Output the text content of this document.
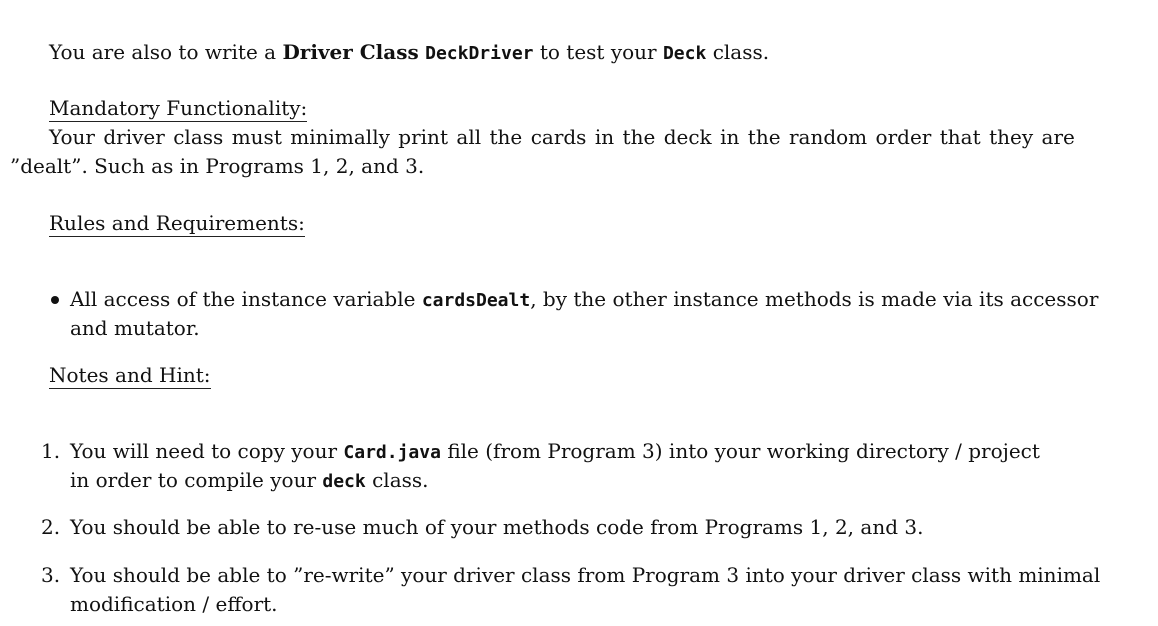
You are also to write a Driver Class DeckDriver to test your Deck class.
Mandatory Functionality:
Your driver class must minimally print all the cards in the deck in the random order that they are
”dealt”. Such as in Programs 1, 2, and 3.
Rules and Requirements:
All access of the instance variable cardsDealt, by the other instance methods is made via its accessor
and mutator.
Notes and Hint:
1. You will need to copy your Card.java file (from Program 3) into your working directory / project
in order to compile your deck class.
2. You should be able to re-use much of your methods code from Programs 1, 2, and 3.
3. You should be able to ”re-write” your driver class from Program 3 into your driver class with minimal
modification / effort.
